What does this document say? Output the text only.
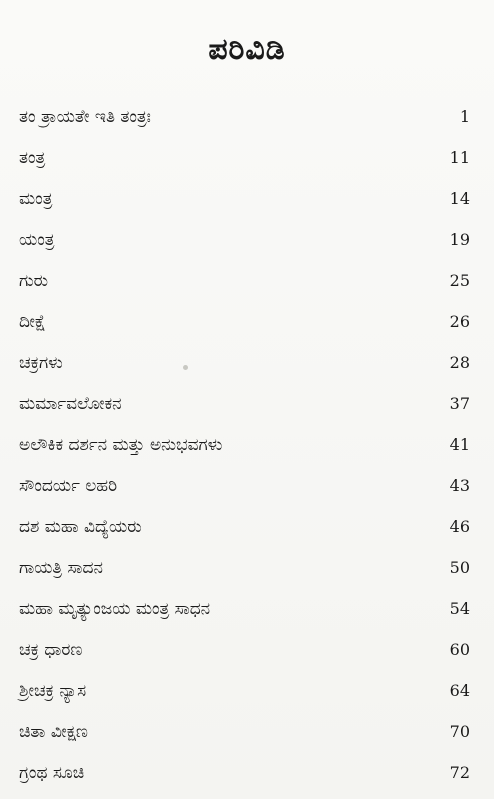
ಪರಿವಿಡಿ
ತಂ ತ್ರಾಯತೇ ಇತಿ ತಂತ್ರಃ	1
ತಂತ್ರ	11
ಮಂತ್ರ	14
ಯಂತ್ರ	19
ಗುರು	25
ದೀಕ್ಷೆ	26
ಚಕ್ರಗಳು	28
ಮರ್ಮಾವಲೋಕನ	37
ಅಲೌಕಿಕ ದರ್ಶನ ಮತ್ತು ಅನುಭವಗಳು	41
ಸೌಂದರ್ಯ ಲಹರಿ	43
ದಶ ಮಹಾ ವಿದ್ಯೆಯರು	46
ಗಾಯತ್ರಿ ಸಾದನ	50
ಮಹಾ ಮೃತ್ಯುಂಜಯ ಮಂತ್ರ ಸಾಧನ	54
ಚಕ್ರ ಧಾರಣ	60
ಶ್ರೀಚಕ್ರ ನ್ಯಾಸ	64
ಚಿತಾ ವೀಕ್ಷಣ	70
ಗ್ರಂಥ ಸೂಚಿ	72
